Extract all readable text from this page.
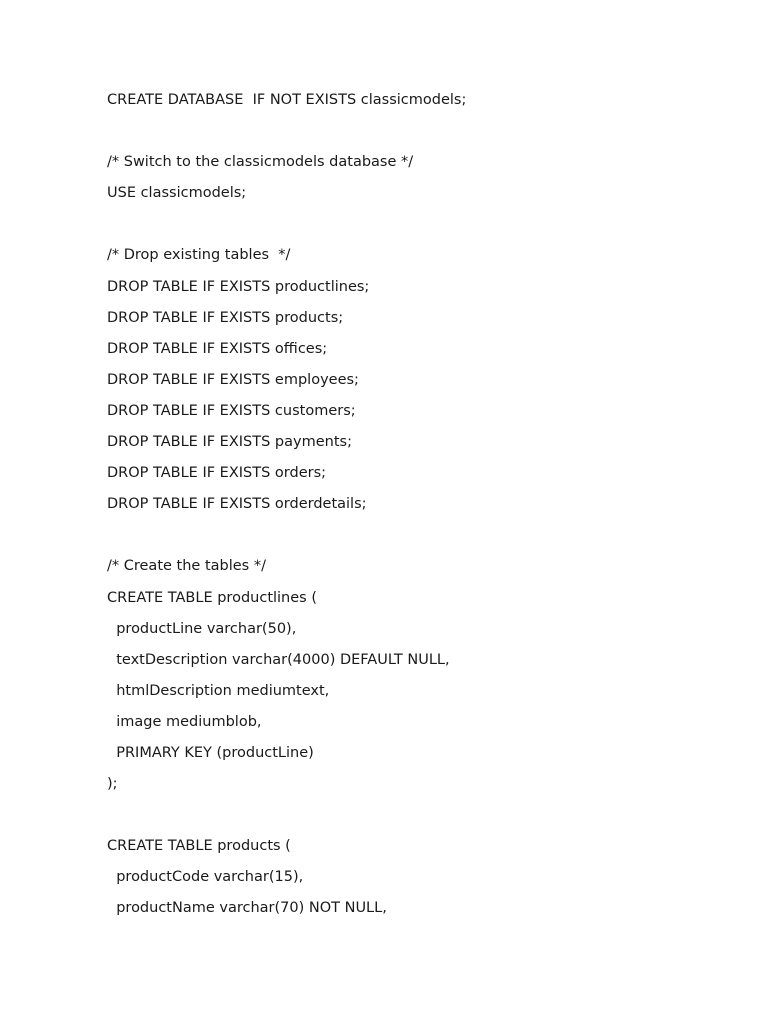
CREATE DATABASE  IF NOT EXISTS classicmodels;
/* Switch to the classicmodels database */
USE classicmodels;
/* Drop existing tables  */
DROP TABLE IF EXISTS productlines;
DROP TABLE IF EXISTS products;
DROP TABLE IF EXISTS offices;
DROP TABLE IF EXISTS employees;
DROP TABLE IF EXISTS customers;
DROP TABLE IF EXISTS payments;
DROP TABLE IF EXISTS orders;
DROP TABLE IF EXISTS orderdetails;
/* Create the tables */
CREATE TABLE productlines (
productLine varchar(50),
textDescription varchar(4000) DEFAULT NULL,
htmlDescription mediumtext,
image mediumblob,
PRIMARY KEY (productLine)
);
CREATE TABLE products (
productCode varchar(15),
productName varchar(70) NOT NULL,
